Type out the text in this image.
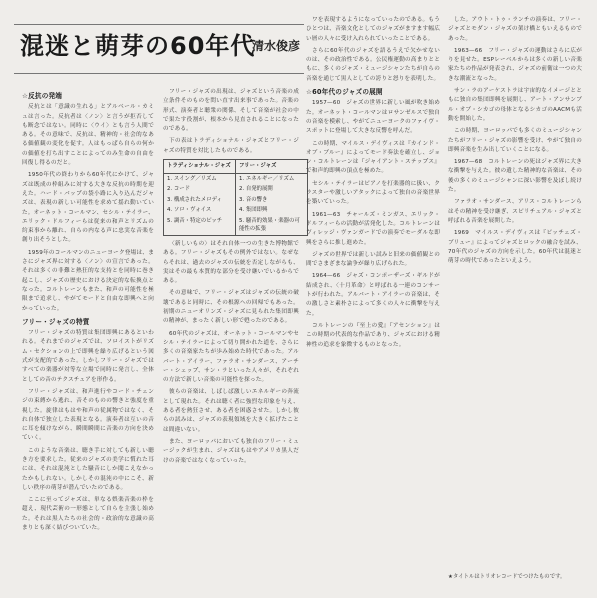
混迷と萌芽の60年代
清水俊彦
☆反抗の発端

反抗とは「意識の生れる」とアルベール・カミュは言った。反抗者は〈ノン〉と言うが拒否しても断念ではない。同時に〈ウイ〉とも言う人間である。その意味で、反抗は、精神的・社会的なある価値観の変化を促す。人はもっぱら自らの何かの価値を打ち出すことによってのみ生命の自由を回復し得るのだと。

1950年代の終わりから60年代にかけて、ジャズは既成の枠組みに対する大きな反抗の時期を迎えた。ハード・バップの袋小路に入り込んだジャズは、表現の新しい可能性を求めて揺れ動いていた。オーネット・コールマン、セシル・テイラー、エリック・ドルフィーらは従来の和声とリズムの約束事から離れ、自らの内なる声に忠実な音楽を創り出そうとした。

1959年のコールマンのニューヨーク登場は、まさにジャズ界に対する〈ノン〉の宣言であった。それは多くの非難と熱狂的な支持とを同時に巻き起こし、ジャズの歴史における決定的な転換点となった。コルトレーンもまた、和声の可能性を極限まで追求し、やがてモードと自由な即興へと向かっていった。

フリー・ジャズの特質

フリー・ジャズの特質は集団即興にあるといわれる。それまでのジャズでは、ソロイストがリズム・セクションの上で即興を繰り広げるという図式が支配的であった。しかしフリー・ジャズではすべての楽器が対等な立場で同時に発言し、全体としての音のテクスチュアを形作る。

フリー・ジャズは、和声進行やコード・チェンジの束縛から逃れ、音そのものの響きと強度を重視した。旋律はもはや和声の従属物ではなく、それ自体で独立した表現となる。演奏者は互いの音に耳を傾けながら、瞬間瞬間に音楽の方向を決めていく。

このような音楽は、聴き手に対しても新しい聴き方を要求した。従来のジャズの美学に慣れた耳には、それは混沌とした騒音にしか聞こえなかったかもしれない。しかしその混沌の中にこそ、新しい秩序の萌芽が潜んでいたのである。

ここに至ってジャズは、単なる娯楽音楽の枠を超え、現代芸術の一形態として自らを主張し始めた。それは黒人たちの社会的・政治的な意識の高まりとも深く結びついていた。

フリー・ジャズの出現は、ジャズという音楽の成立条件そのものを問い直す出来事であった。音楽の形式、演奏者と聴衆の関係、そして音楽が社会の中で果たす役割が、根本から見直されることになったのである。

下の表はトラディショナル・ジャズとフリー・ジャズの特質を対比したものである。

トラディショナル・ジャズ	フリー・ジャズ
1. スイング／リズム	1. エネルギー／リズム
2. コード	2. 自発的展開
3. 構成されたメロディ	3. 音の響き
4. ソロ・ヴォイス	4. 集団即興
5. 調音・特定のピッチ	5. 騒音的効果・楽器の可能性の拡張

〈新しいもの〉はそれ自体一つの生きた博物館である。フリー・ジャズもその例外ではない。なぜならそれは、過去のジャズの伝統を否定しながらも、実はその最も本質的な部分を受け継いでいるからである。

その意味で、フリー・ジャズはジャズの伝統の破壊であると同時に、その根源への回帰でもあった。初期のニューオリンズ・ジャズに見られた集団即興の精神が、まったく新しい形で甦ったのである。

60年代のジャズは、オーネット・コールマンやセシル・テイラーによって切り開かれた道を、さらに多くの音楽家たちが歩み始めた時代であった。アルバート・アイラー、ファラオ・サンダース、アーチー・シェップ、サン・ラといった人々が、それぞれの方法で新しい音楽の可能性を探った。

彼らの音楽は、しばしば激しいエネルギーの奔流として現れた。それは聴く者に強烈な印象を与え、ある者を熱狂させ、ある者を困惑させた。しかし彼らの試みは、ジャズの表現領域を大きく拡げたことは間違いない。

また、ヨーロッパにおいても独自のフリー・ミュージックが生まれ、ジャズはもはやアメリカ黒人だけの音楽ではなくなっていった。

ワを表現するようになっていったのである。もうひとつは、音楽文化としてのジャズがますます幅広い層の人々に受け入れられていったことである。

さらに60年代のジャズを語るうえで欠かせないのは、その政治性である。公民権運動の高まりとともに、多くのジャズ・ミュージシャンたちが自らの音楽を通じて黒人としての誇りと怒りを表明した。

☆60年代のジャズの展開

1957—60　ジャズの世界に新しい風が吹き始めた。オーネット・コールマンはロサンゼルスで独自の音楽を模索し、やがてニューヨークのファイヴ・スポットに登場して大きな反響を呼んだ。

この時期、マイルス・デイヴィスは『カインド・オブ・ブルー』によってモード奏法を確立し、ジョン・コルトレーンは『ジャイアント・ステップス』で和声的即興の頂点を極めた。

セシル・テイラーはピアノを打楽器的に扱い、クラスターや激しいアタックによって独自の音楽世界を築いていった。

1961—63　チャールズ・ミンガス、エリック・ドルフィーらの活動が活発化した。コルトレーンはヴィレッジ・ヴァンガードでの演奏でモーダルな即興をさらに推し進めた。

ジャズの世界では新しい試みと旧来の価値観との間でさまざまな論争が繰り広げられた。

1964—66　ジャズ・コンポーザーズ・ギルドが結成され、〈十月革命〉と呼ばれる一連のコンサートが行われた。アルバート・アイラーの音楽は、その激しさと素朴さによって多くの人々に衝撃を与えた。

コルトレーンの『至上の愛』『アセンション』はこの時期の代表的な作品であり、ジャズにおける精神性の追求を象徴するものとなった。

した。アウト・トゥ・ランチの演奏は、フリー・ジャズとモダン・ジャズの架け橋ともいえるものであった。

1963—66　フリー・ジャズの運動はさらに広がりを見せた。ESPレーベルからは多くの新しい音楽家たちの作品が発表され、ジャズの前衛は一つの大きな潮流となった。

サン・ラのアーケストラは宇宙的なイメージとともに独自の集団即興を展開し、アート・アンサンブル・オブ・シカゴの母体となるシカゴのAACMも活動を開始した。

この時期、ヨーロッパでも多くのミュージシャンたちがフリー・ジャズの影響を受け、やがて独自の即興音楽を生み出していくことになる。

1967—68　コルトレーンの死はジャズ界に大きな衝撃を与えた。彼の遺した精神的な音楽は、その後の多くのミュージシャンに深い影響を及ぼし続けた。

ファラオ・サンダース、アリス・コルトレーンらはその精神を受け継ぎ、スピリチュアル・ジャズと呼ばれる音楽を展開した。

1969　マイルス・デイヴィスは『ビッチェズ・ブリュー』によってジャズとロックの融合を試み、70年代のジャズの方向を示した。60年代は混迷と萌芽の時代であったといえよう。

★タイトルはトリオレコードでつけたものです。
